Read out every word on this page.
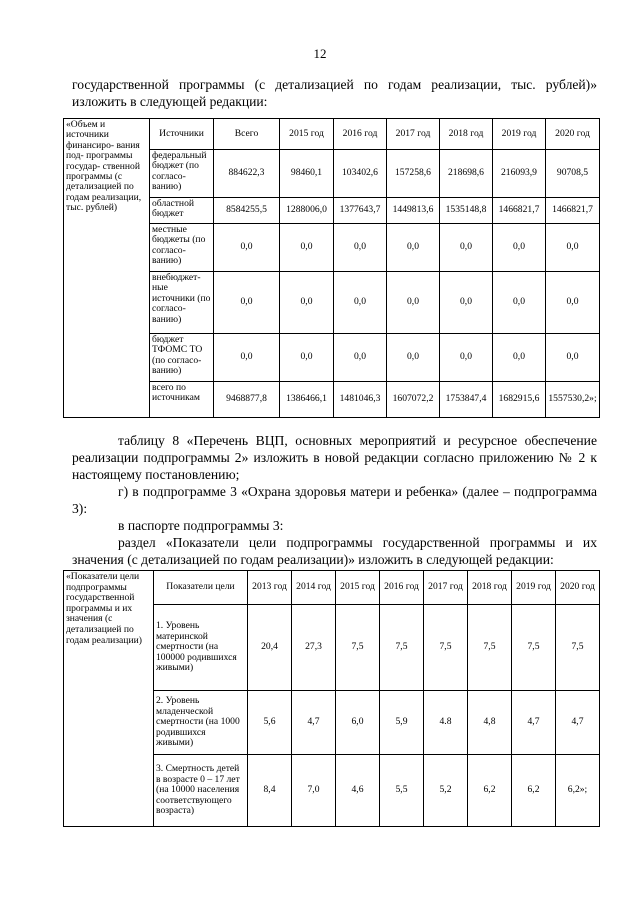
12
государственной программы (с детализацией по годам реализации, тыс. рублей)» изложить в следующей редакции:
«Объем и источники финансиро- вания под- программы государ- ственной программы (с детализацией по годам реализации, тыс. рублей)	Источники	Всего	2015 год	2016 год	2017 год	2018 год	2019 год	2020 год
	федеральный бюджет (по согласо- ванию)	884622,3	98460,1	103402,6	157258,6	218698,6	216093,9	90708,5
	областной бюджет	8584255,5	1288006,0	1377643,7	1449813,6	1535148,8	1466821,7	1466821,7
	местные бюджеты (по согласо- ванию)	0,0	0,0	0,0	0,0	0,0	0,0	0,0
	внебюджет- ные источники (по согласо- ванию)	0,0	0,0	0,0	0,0	0,0	0,0	0,0
	бюджет ТФОМС ТО (по согласо- ванию)	0,0	0,0	0,0	0,0	0,0	0,0	0,0
	всего по источникам	9468877,8	1386466,1	1481046,3	1607072,2	1753847,4	1682915,6	1557530,2»;
таблицу 8 «Перечень ВЦП, основных мероприятий и ресурсное обеспечение реализации подпрограммы 2» изложить в новой редакции согласно приложению № 2 к настоящему постановлению;
г) в подпрограмме 3 «Охрана здоровья матери и ребенка» (далее – подпрограмма 3):
в паспорте подпрограммы 3:
раздел «Показатели цели подпрограммы государственной программы и их значения (с детализацией по годам реализации)» изложить в следующей редакции:
«Показатели цели подпрограммы государственной программы и их значения (с детализацией по годам реализации)	Показатели цели	2013 год	2014 год	2015 год	2016 год	2017 год	2018 год	2019 год	2020 год
	1. Уровень материнской смертности (на 100000 родившихся живыми)	20,4	27,3	7,5	7,5	7,5	7,5	7,5	7,5
	2. Уровень младенческой смертности (на 1000 родившихся живыми)	5,6	4,7	6,0	5,9	4.8	4,8	4,7	4,7
	3. Смертность детей в возрасте 0 – 17 лет (на 10000 населения соответствующего возраста)	8,4	7,0	4,6	5,5	5,2	6,2	6,2	6,2»;
